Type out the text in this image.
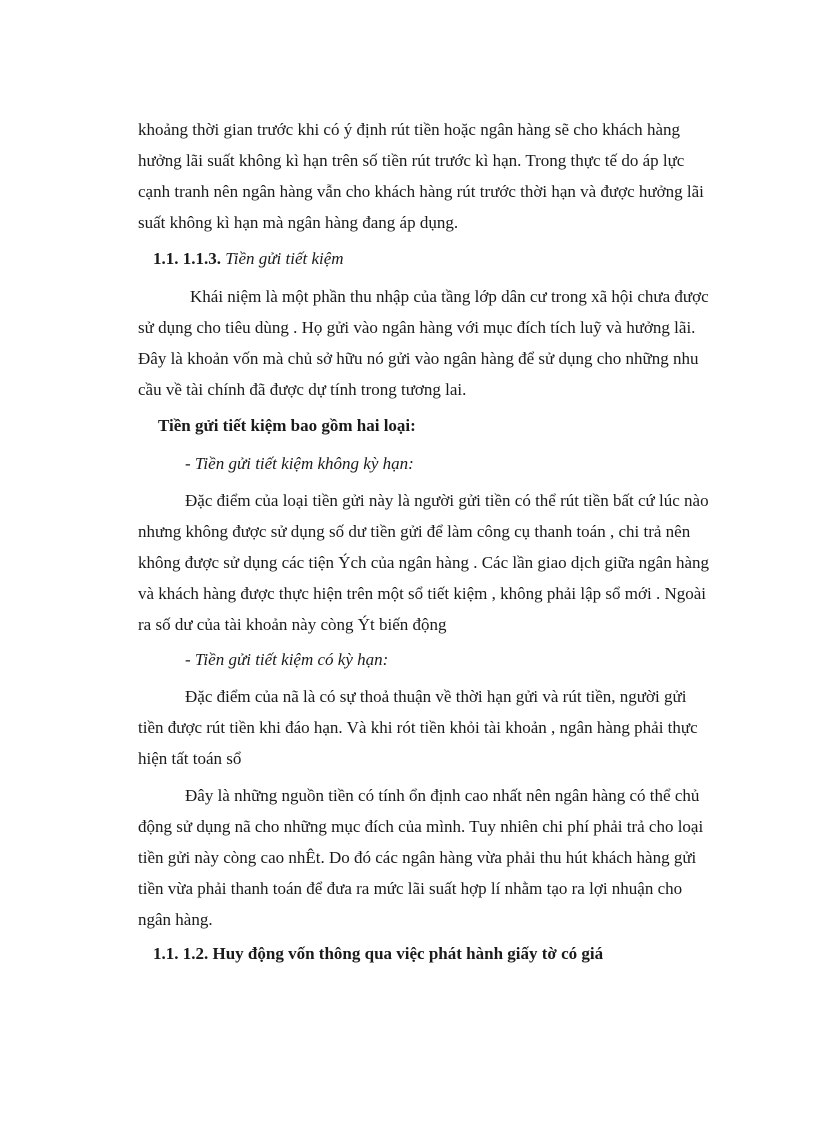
khoảng thời gian trước khi có ý định rút tiền hoặc ngân hàng sẽ cho khách hàng
hưởng lãi suất không kì hạn trên số tiền rút trước kì hạn. Trong thực tế do áp lực
cạnh tranh nên ngân hàng vẫn cho khách hàng rút trước thời hạn và được hưởng lãi
suất không kì hạn mà ngân hàng đang áp dụng.
1.1. 1.1.3. Tiền gửi tiết kiệm
Khái niệm là một phần thu nhập của tầng lớp dân cư trong xã hội chưa được
sử dụng cho tiêu dùng . Họ gửi vào ngân hàng với mục đích tích luỹ và hưởng lãi.
Đây là khoản vốn mà chủ sở hữu nó gửi vào ngân hàng để sử dụng cho những nhu
cầu về tài chính đã được dự tính trong tương lai.
Tiền gửi tiết kiệm bao gồm hai loại:
- Tiền gửi tiết kiệm không kỳ hạn:
Đặc điểm của loại tiền gửi này là người gửi tiền có thể rút tiền bất cứ lúc nào
nhưng không được sử dụng số dư tiền gửi để làm công cụ thanh toán , chi trả nên
không được sử dụng các tiện Ých của ngân hàng . Các lần giao dịch giữa ngân hàng
và khách hàng được thực hiện trên một sổ tiết kiệm , không phải lập sổ mới . Ngoài
ra số dư của tài khoản này còng Ýt biến động
- Tiền gửi tiết kiệm có kỳ hạn:
Đặc điểm của nã là có sự thoả thuận về thời hạn gửi và rút tiền, người gửi
tiền được rút tiền khi đáo hạn. Và khi rót tiền khỏi tài khoản , ngân hàng phải thực
hiện tất toán sổ
Đây là những nguồn tiền có tính ổn định cao nhất nên ngân hàng có thể chủ
động sử dụng nã cho những mục đích của mình. Tuy nhiên chi phí phải trả cho loại
tiền gửi này còng cao nhÊt. Do đó các ngân hàng vừa phải thu hút khách hàng gửi
tiền vừa phải thanh toán để đưa ra mức lãi suất hợp lí nhằm tạo ra lợi nhuận cho
ngân hàng.
1.1. 1.2. Huy động vốn thông qua việc phát hành giấy tờ có giá
